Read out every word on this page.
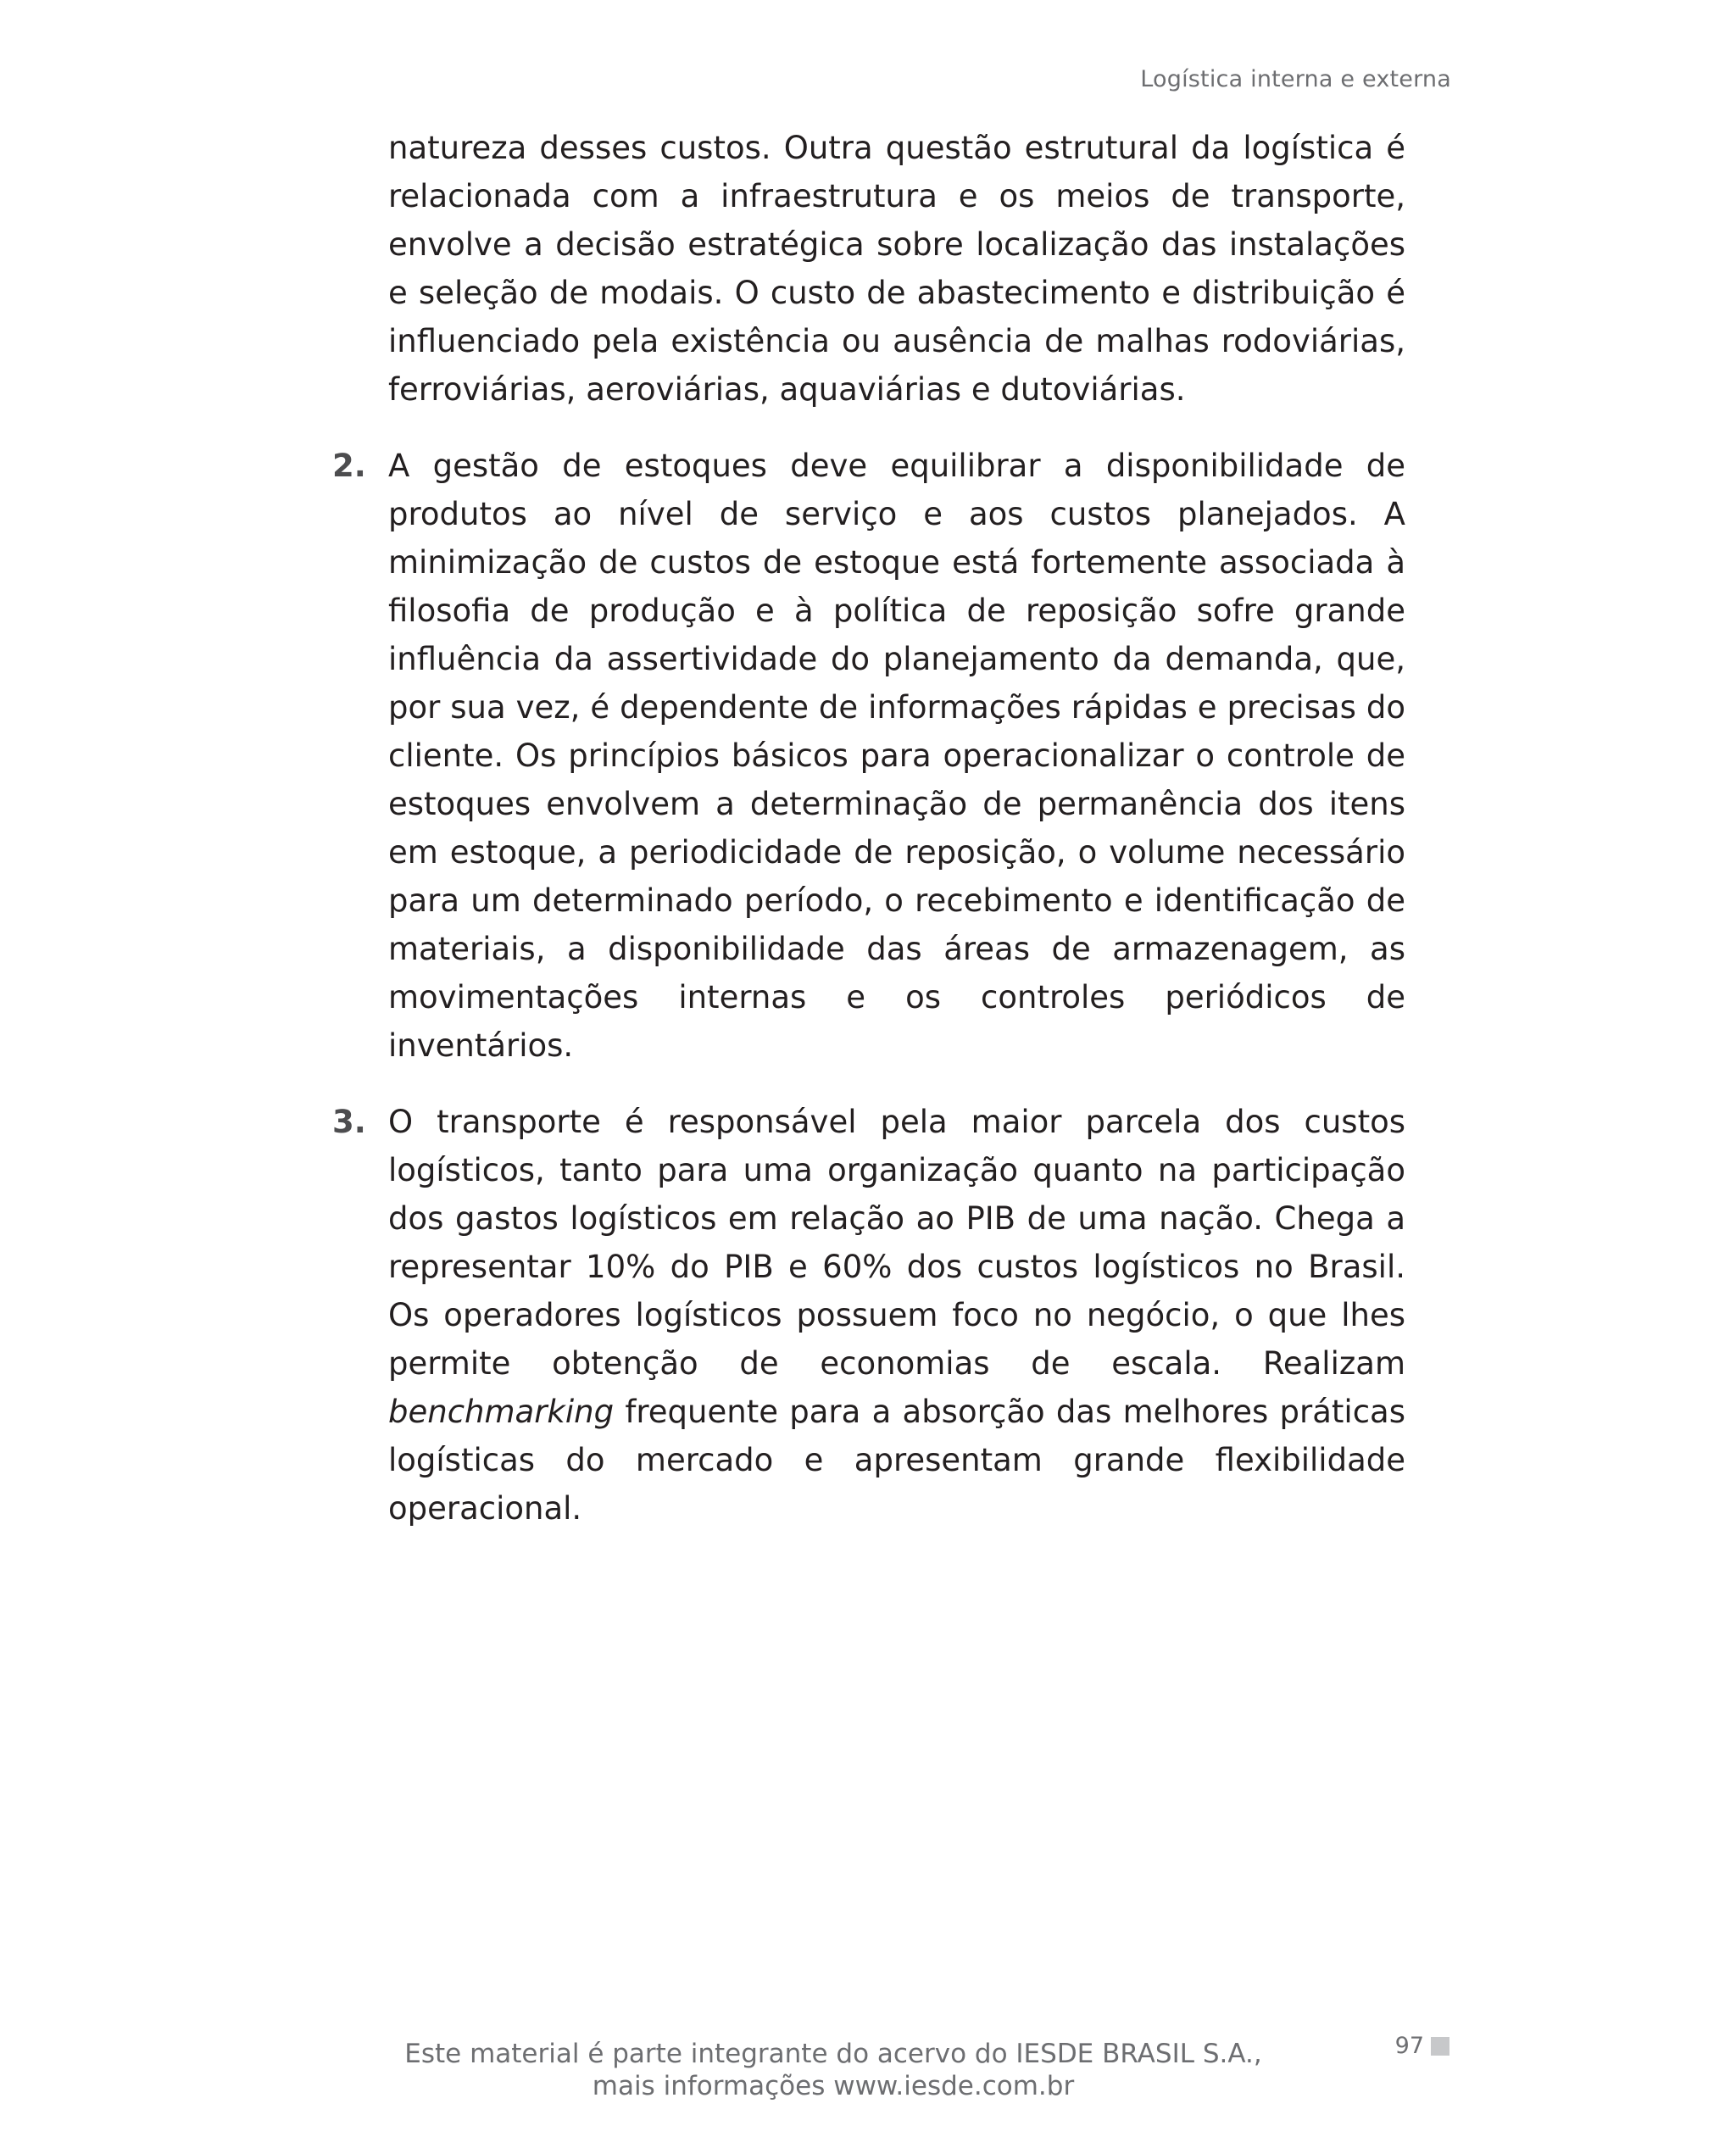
Logística interna e externa

natureza desses custos. Outra questão estrutural da logística é relacionada com a infraestrutura e os meios de transporte, envolve a decisão estratégica sobre localização das instalações e seleção de modais. O custo de abastecimento e distribuição é influenciado pela existência ou ausência de malhas rodoviárias, ferroviárias, aeroviárias, aquaviárias e dutoviárias.

2. A gestão de estoques deve equilibrar a disponibilidade de produtos ao nível de serviço e aos custos planejados. A minimização de custos de estoque está fortemente associada à filosofia de produção e à política de reposição sofre grande influência da assertividade do planejamento da demanda, que, por sua vez, é dependente de informações rápidas e precisas do cliente. Os princípios básicos para operacionalizar o controle de estoques envolvem a determinação de permanência dos itens em estoque, a periodicidade de reposição, o volume necessário para um determinado período, o recebimento e identificação de materiais, a disponibilidade das áreas de armazenagem, as movimentações internas e os controles periódicos de inventários.

3. O transporte é responsável pela maior parcela dos custos logísticos, tanto para uma organização quanto na participação dos gastos logísticos em relação ao PIB de uma nação. Chega a representar 10% do PIB e 60% dos custos logísticos no Brasil. Os operadores logísticos possuem foco no negócio, o que lhes permite obtenção de economias de escala. Realizam benchmarking frequente para a absorção das melhores práticas logísticas do mercado e apresentam grande flexibilidade operacional.

Este material é parte integrante do acervo do IESDE BRASIL S.A.,
mais informações www.iesde.com.br
97
